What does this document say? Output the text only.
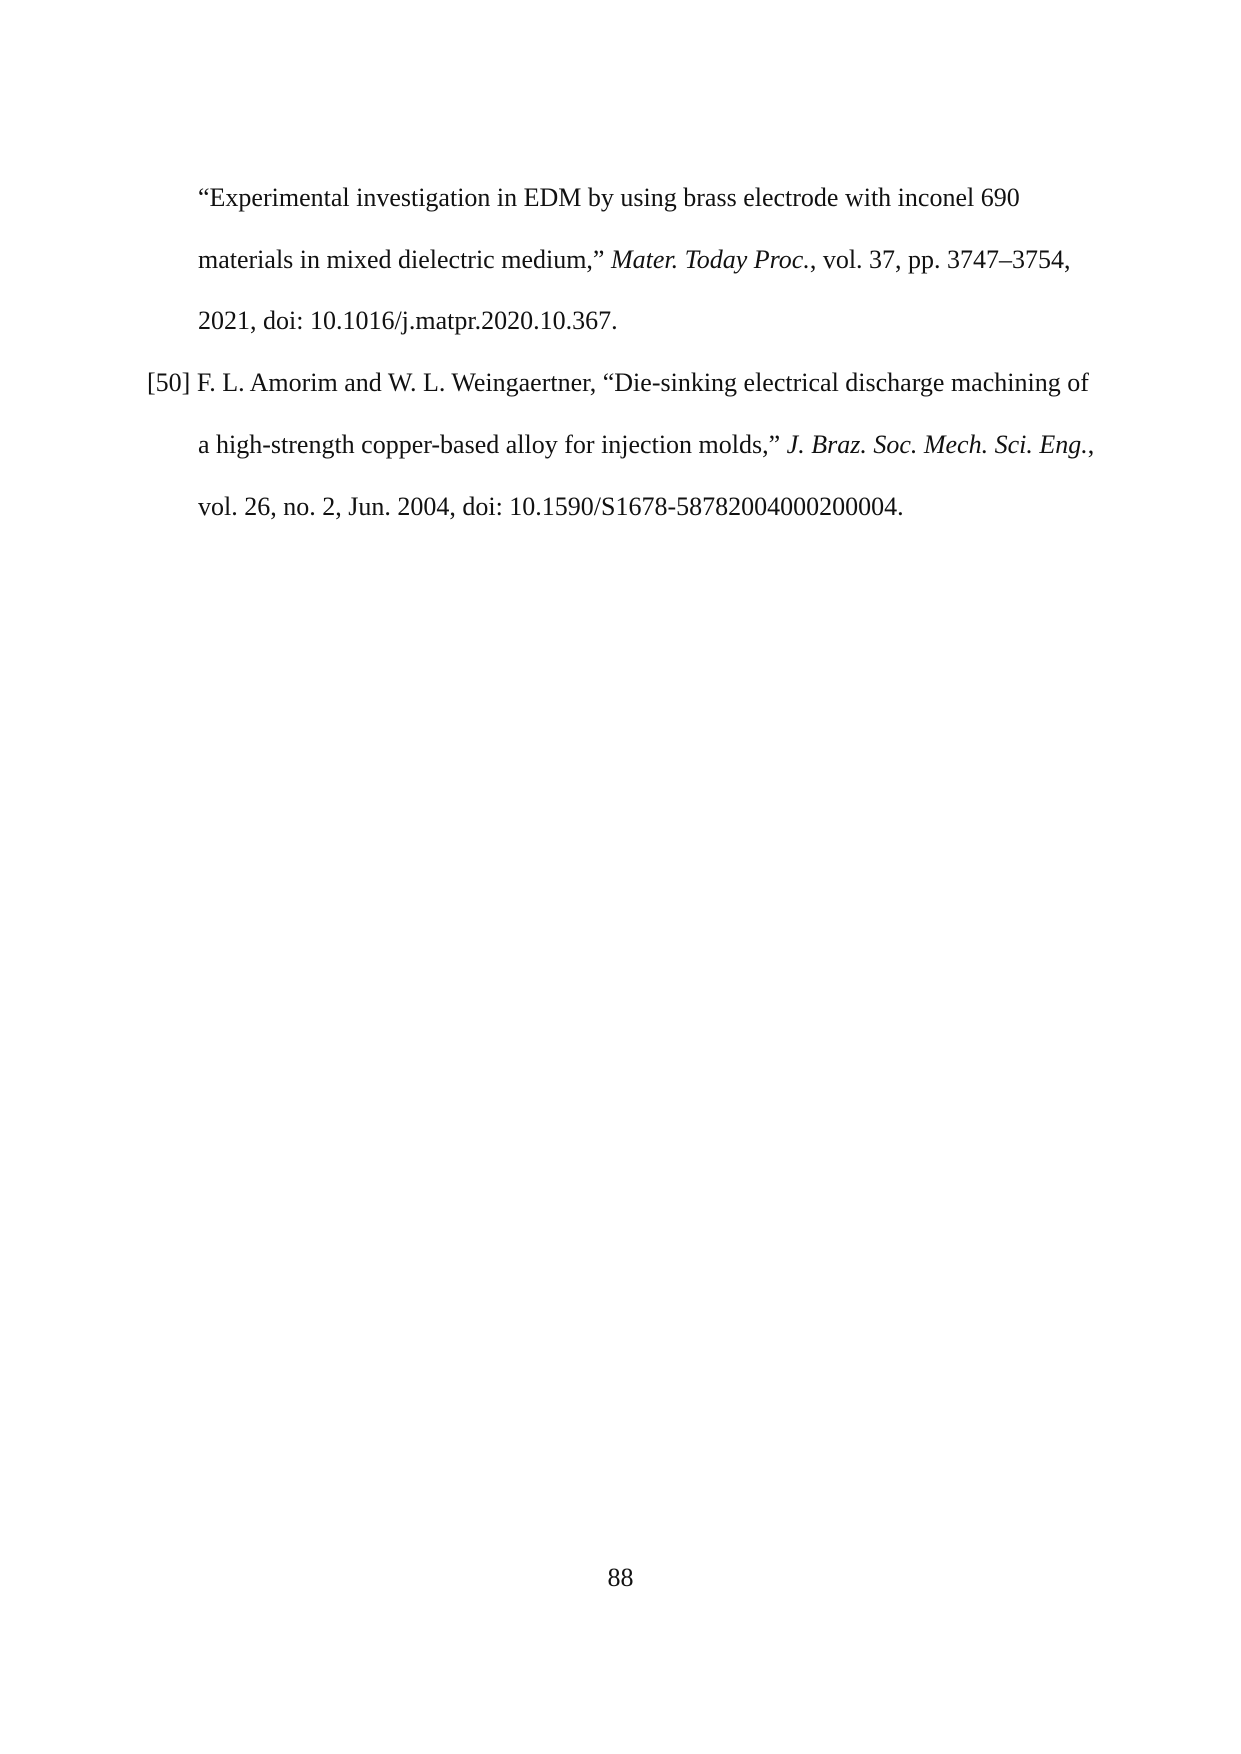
“Experimental investigation in EDM by using brass electrode with inconel 690
materials in mixed dielectric medium,” Mater. Today Proc., vol. 37, pp. 3747–3754,
2021, doi: 10.1016/j.matpr.2020.10.367.
[50] F. L. Amorim and W. L. Weingaertner, “Die-sinking electrical discharge machining of
a high-strength copper-based alloy for injection molds,” J. Braz. Soc. Mech. Sci. Eng.,
vol. 26, no. 2, Jun. 2004, doi: 10.1590/S1678-58782004000200004.
88
